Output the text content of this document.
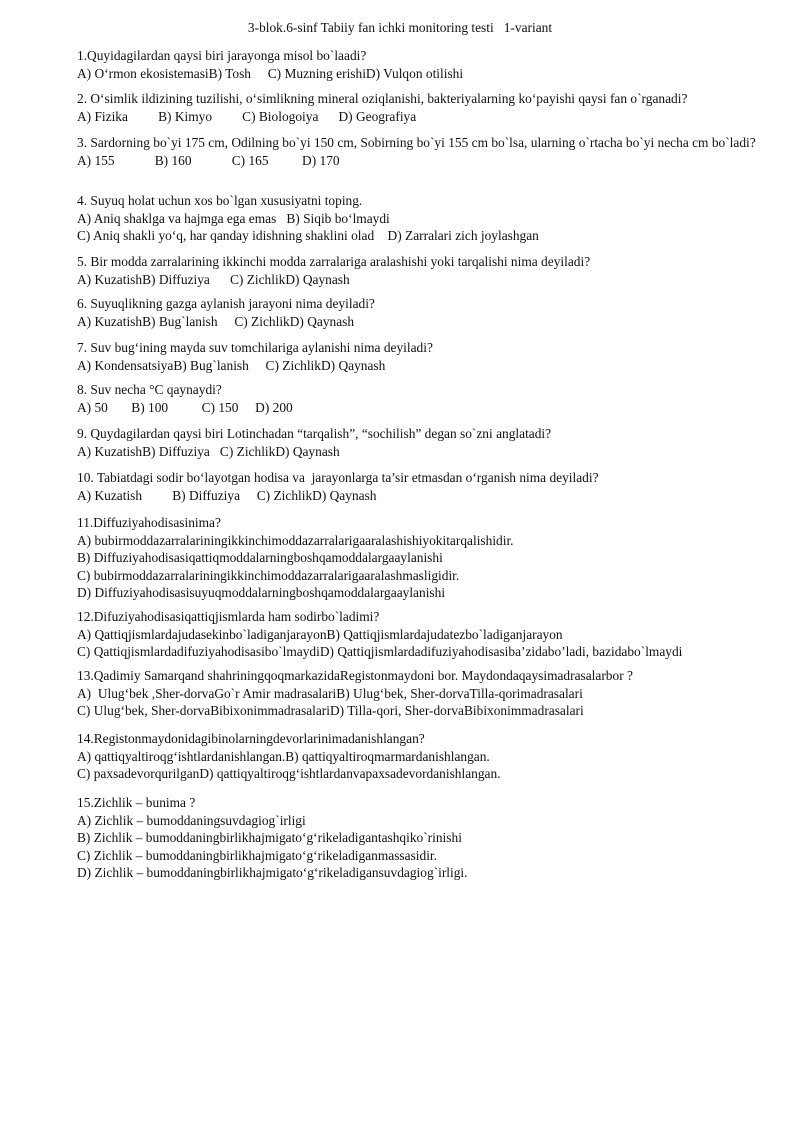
3-blok.6-sinf Tabiiy fan ichki monitoring testi   1-variant
1.Quyidagilardan qaysi biri jarayonga misol bo`laadi?
A) O‘rmon ekosistemasiB) Tosh     C) Muzning erishiD) Vulqon otilishi
2. O‘simlik ildizining tuzilishi, o‘simlikning mineral oziqlanishi, bakteriyalarning ko‘payishi qaysi fan o`rganadi?
A) Fizika         B) Kimyo         C) Biologoiya      D) Geografiya
3. Sardorning bo`yi 175 cm, Odilning bo`yi 150 cm, Sobirning bo`yi 155 cm bo`lsa, ularning o`rtacha bo`yi necha cm bo`ladi?
A) 155            B) 160            C) 165          D) 170
4. Suyuq holat uchun xos bo`lgan xususiyatni toping.
A) Aniq shaklga va hajmga ega emas   B) Siqib bo‘lmaydi
C) Aniq shakli yo‘q, har qanday idishning shaklini olad    D) Zarralari zich joylashgan
5. Bir modda zarralarining ikkinchi modda zarralariga aralashishi yoki tarqalishi nima deyiladi?
A) KuzatishB) Diffuziya      C) ZichlikD) Qaynash
6. Suyuqlikning gazga aylanish jarayoni nima deyiladi?
A) KuzatishB) Bug`lanish     C) ZichlikD) Qaynash
7. Suv bug‘ining mayda suv tomchilariga aylanishi nima deyiladi?
A) KondensatsiyaB) Bug`lanish     C) ZichlikD) Qaynash
8. Suv necha °C qaynaydi?
A) 50       B) 100          C) 150     D) 200
9. Quydagilardan qaysi biri Lotinchadan “tarqalish”, “sochilish” degan so`zni anglatadi?
A) KuzatishB) Diffuziya   C) ZichlikD) Qaynash
10. Tabiatdagi sodir bo‘layotgan hodisa va  jarayonlarga ta’sir etmasdan o‘rganish nima deyiladi?
A) Kuzatish         B) Diffuziya     C) ZichlikD) Qaynash
11.Diffuziyahodisasinima?
A) bubirmoddazarralariningikkinchimoddazarralarigaaralashishiyokitarqalishidir.
B) Diffuziyahodisasiqattiqmoddalarningboshqamoddalargaaylanishi
C) bubirmoddazarralariningikkinchimoddazarralarigaaralashmasligidir.
D) Diffuziyahodisasisuyuqmoddalarningboshqamoddalargaaylanishi
12.Difuziyahodisasiqattiqjismlarda ham sodirbo`ladimi?
A) Qattiqjismlardajudasekinbo`ladiganjarayonB) Qattiqjismlardajudatezbo`ladiganjarayon
C) Qattiqjismlardadifuziyahodisasibo`lmaydiD) Qattiqjismlardadifuziyahodisasiba’zidabo’ladi, bazidabo`lmaydi
13.Qadimiy Samarqand shahriningqoqmarkazidaRegistonmaydoni bor. Maydondaqaysimadrasalarbor ?
A)  Ulug‘bek ,Sher-dorvaGo`r Amir madrasalariB) Ulug‘bek, Sher-dorvaTilla-qorimadrasalari
C) Ulug‘bek, Sher-dorvaBibixonimmadrasalariD) Tilla-qori, Sher-dorvaBibixonimmadrasalari
14.Registonmaydonidagibinolarningdevorlarinimadanishlangan?
A) qattiqyaltiroqg‘ishtlardanishlangan.B) qattiqyaltiroqmarmardanishlangan.
C) paxsadevorqurilganD) qattiqyaltiroqg‘ishtlardanvapaxsadevordanishlangan.
15.Zichlik – bunima ?
A) Zichlik – bumoddaningsuvdagiog`irligi
B) Zichlik – bumoddaningbirlikhajmigato‘g‘rikeladigantashqiko`rinishi
C) Zichlik – bumoddaningbirlikhajmigato‘g‘rikeladiganmassasidir.
D) Zichlik – bumoddaningbirlikhajmigato‘g‘rikeladigansuvdagiog`irligi.
